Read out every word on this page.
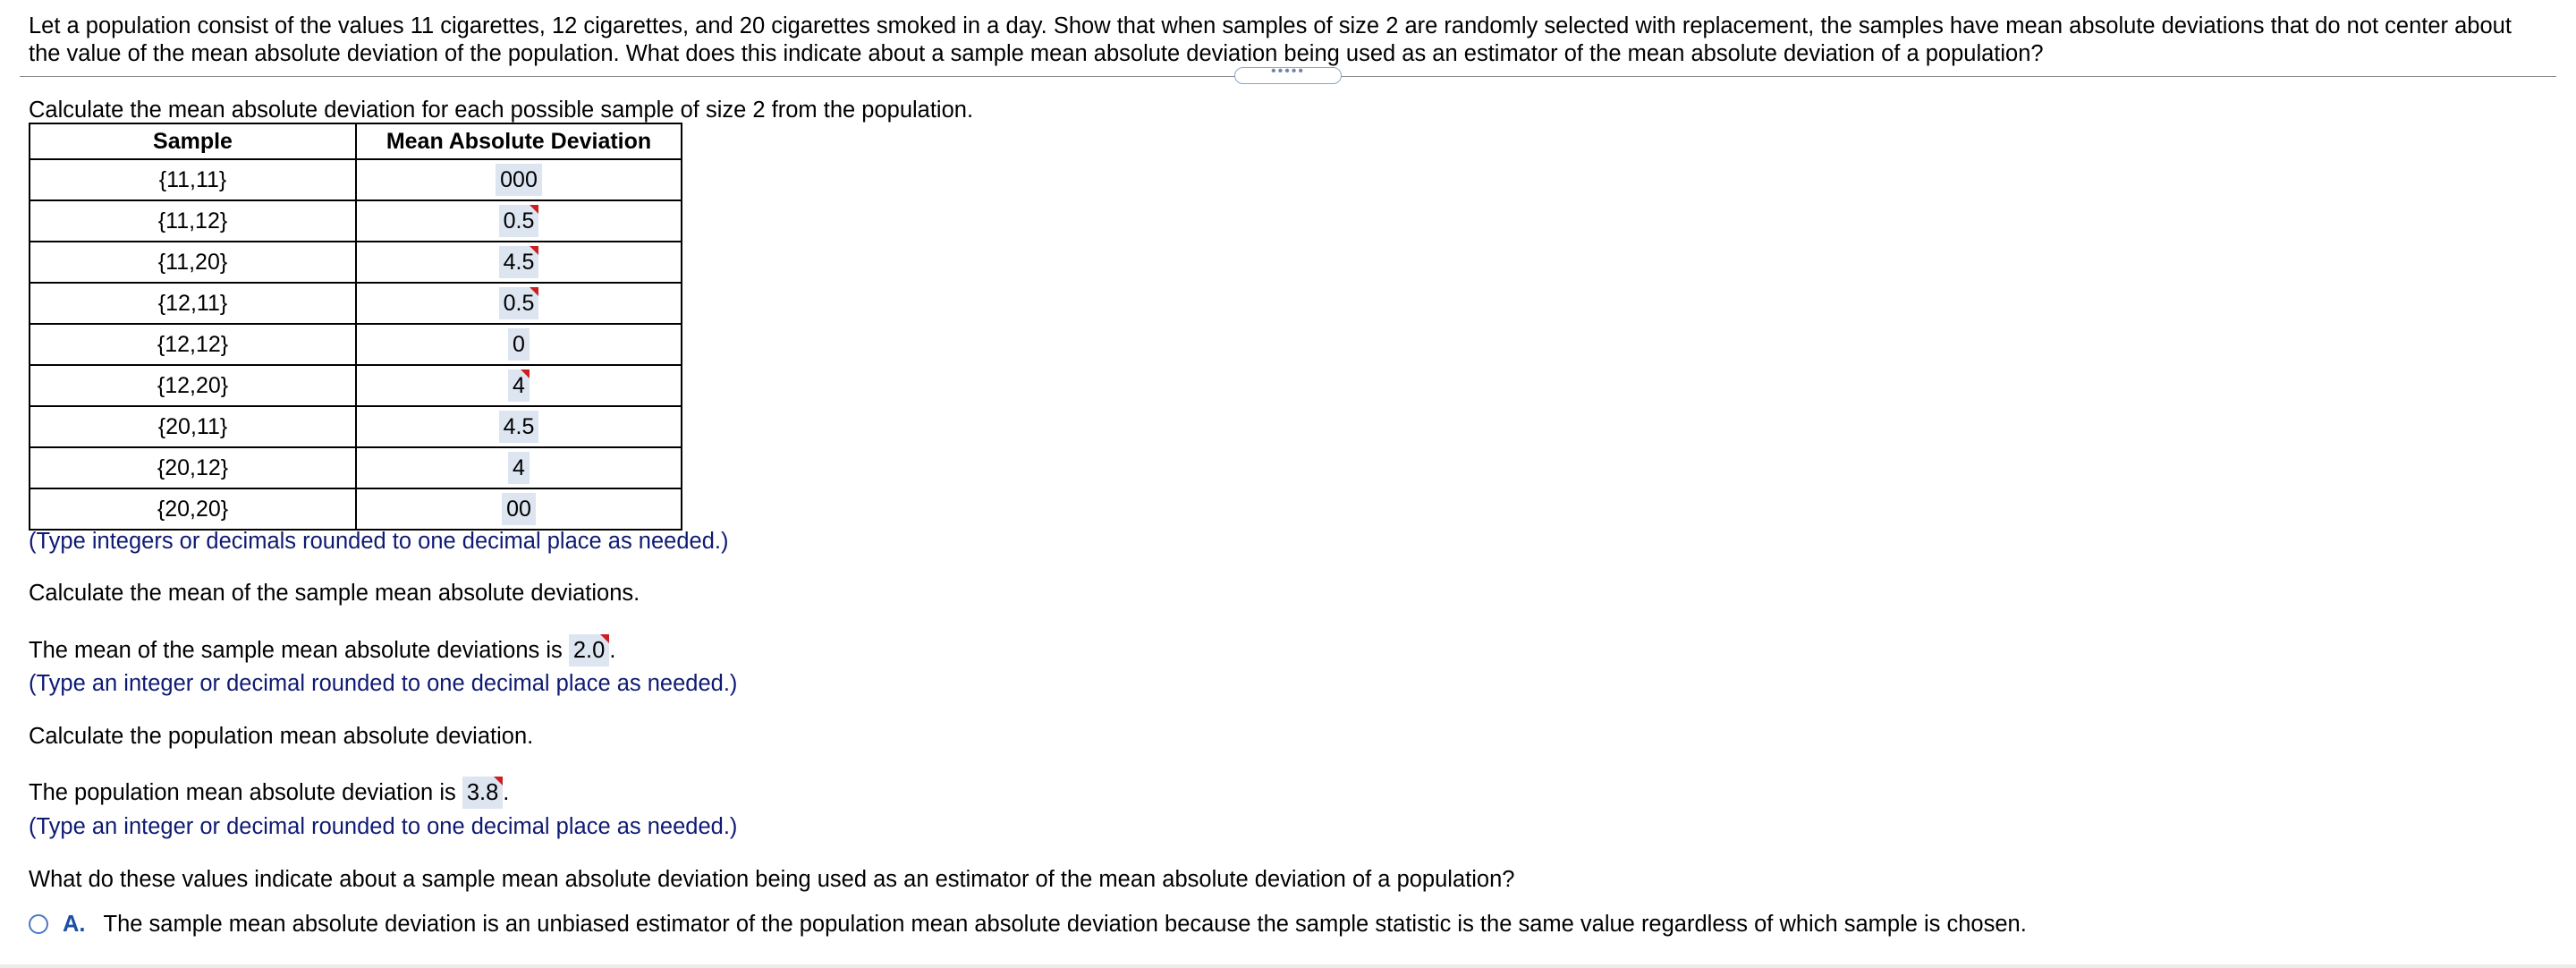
Let a population consist of the values 11 cigarettes, 12 cigarettes, and 20 cigarettes smoked in a day. Show that when samples of size 2 are randomly selected with replacement, the samples have mean absolute deviations that do not center about the value of the mean absolute deviation of the population. What does this indicate about a sample mean absolute deviation being used as an estimator of the mean absolute deviation of a population?
•••••
Calculate the mean absolute deviation for each possible sample of size 2 from the population.
Sample	Mean Absolute Deviation
{11,11}	000
{11,12}	0.5
{11,20}	4.5
{12,11}	0.5
{12,12}	0
{12,20}	4
{20,11}	4.5
{20,12}	4
{20,20}	00
(Type integers or decimals rounded to one decimal place as needed.)
Calculate the mean of the sample mean absolute deviations.
The mean of the sample mean absolute deviations is 2.0 .
(Type an integer or decimal rounded to one decimal place as needed.)
Calculate the population mean absolute deviation.
The population mean absolute deviation is 3.8 .
(Type an integer or decimal rounded to one decimal place as needed.)
What do these values indicate about a sample mean absolute deviation being used as an estimator of the mean absolute deviation of a population?
A. The sample mean absolute deviation is an unbiased estimator of the population mean absolute deviation because the sample statistic is the same value regardless of which sample is chosen.
